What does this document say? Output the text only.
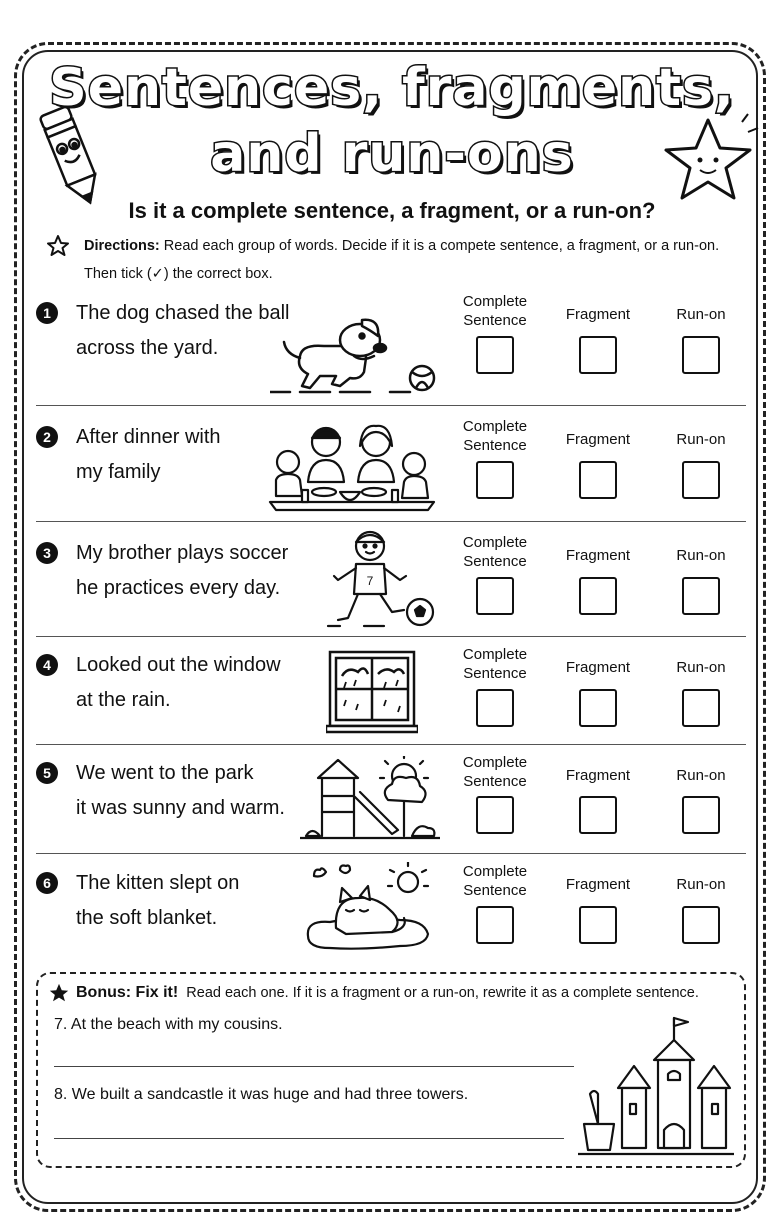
Sentences, fragments,
and run-ons
Is it a complete sentence, a fragment, or a run-on?
Directions: Read each group of words. Decide if it is a compete sentence, a fragment, or a run-on.
Then tick (✓) the correct box.
1	The dog chased the ball
across the yard.
Complete
Sentence	Fragment	Run-on
2	After dinner with
my family
Complete
Sentence	Fragment	Run-on
3	My brother plays soccer
he practices every day.
Complete
Sentence	Fragment	Run-on
4	Looked out the window
at the rain.
Complete
Sentence	Fragment	Run-on
5	We went to the park
it was sunny and warm.
Complete
Sentence	Fragment	Run-on
6	The kitten slept on
the soft blanket.
Complete
Sentence	Fragment	Run-on
7
Bonus: Fix it! Read each one. If it is a fragment or a run-on, rewrite it as a complete sentence.
7. At the beach with my cousins.
8. We built a sandcastle it was huge and had three towers.
